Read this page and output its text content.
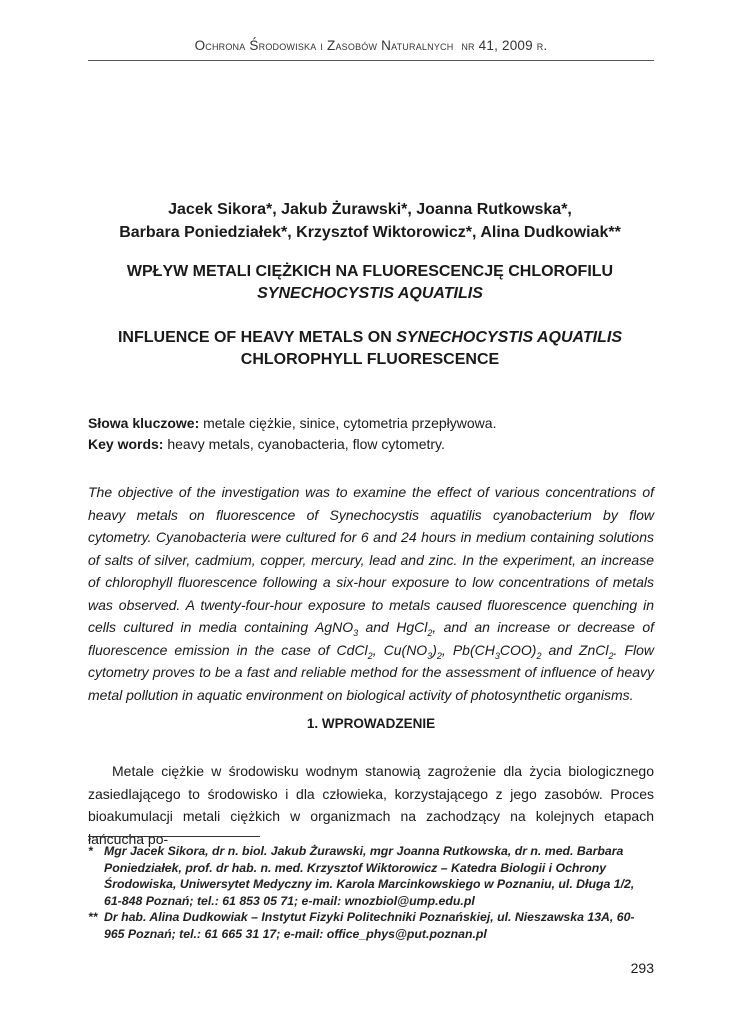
Ochrona Środowiska i Zasobów Naturalnych nr 41, 2009 r.
Jacek Sikora*, Jakub Żurawski*, Joanna Rutkowska*,
Barbara Poniedziałek*, Krzysztof Wiktorowicz*, Alina Dudkowiak**
WPŁYW METALI CIĘŻKICH NA FLUORESCENCJĘ CHLOROFILU
SYNECHOCYSTIS AQUATILIS
INFLUENCE OF HEAVY METALS ON SYNECHOCYSTIS AQUATILIS
CHLOROPHYLL FLUORESCENCE
Słowa kluczowe: metale ciężkie, sinice, cytometria przepływowa.
Key words: heavy metals, cyanobacteria, flow cytometry.
The objective of the investigation was to examine the effect of various concentrations of heavy metals on fluorescence of Synechocystis aquatilis cyanobacterium by flow cytometry. Cyanobacteria were cultured for 6 and 24 hours in medium containing solutions of salts of silver, cadmium, copper, mercury, lead and zinc. In the experiment, an increase of chlorophyll fluorescence following a six-hour exposure to low concentrations of metals was observed. A twenty-four-hour exposure to metals caused fluorescence quenching in cells cultured in media containing AgNO$_3$ and HgCl$_2$, and an increase or decrease of fluorescence emission in the case of CdCl$_2$, $Cu(NO_3)_2$, $Pb(CH_3COO)_2$ and ZnCl$_2$. Flow cytometry proves to be a fast and reliable method for the assessment of influence of heavy metal pollution in aquatic environment on biological activity of photosynthetic organisms.
1. WPROWADZENIE
Metale ciężkie w środowisku wodnym stanowią zagrożenie dla życia biologicznego zasiedlającego to środowisko i dla człowieka, korzystającego z jego zasobów. Proces bioakumulacji metali ciężkich w organizmach na zachodzący na kolejnych etapach łańcucha po-
* Mgr Jacek Sikora, dr n. biol. Jakub Żurawski, mgr Joanna Rutkowska, dr n. med. Barbara Poniedziałek, prof. dr hab. n. med. Krzysztof Wiktorowicz – Katedra Biologii i Ochrony Środowiska, Uniwersytet Medyczny im. Karola Marcinkowskiego w Poznaniu, ul. Długa 1/2, 61-848 Poznań; tel.: 61 853 05 71; e-mail: wnozbiol@ump.edu.pl
** Dr hab. Alina Dudkowiak – Instytut Fizyki Politechniki Poznańskiej, ul. Nieszawska 13A, 60-965 Poznań; tel.: 61 665 31 17; e-mail: office_phys@put.poznan.pl
293
